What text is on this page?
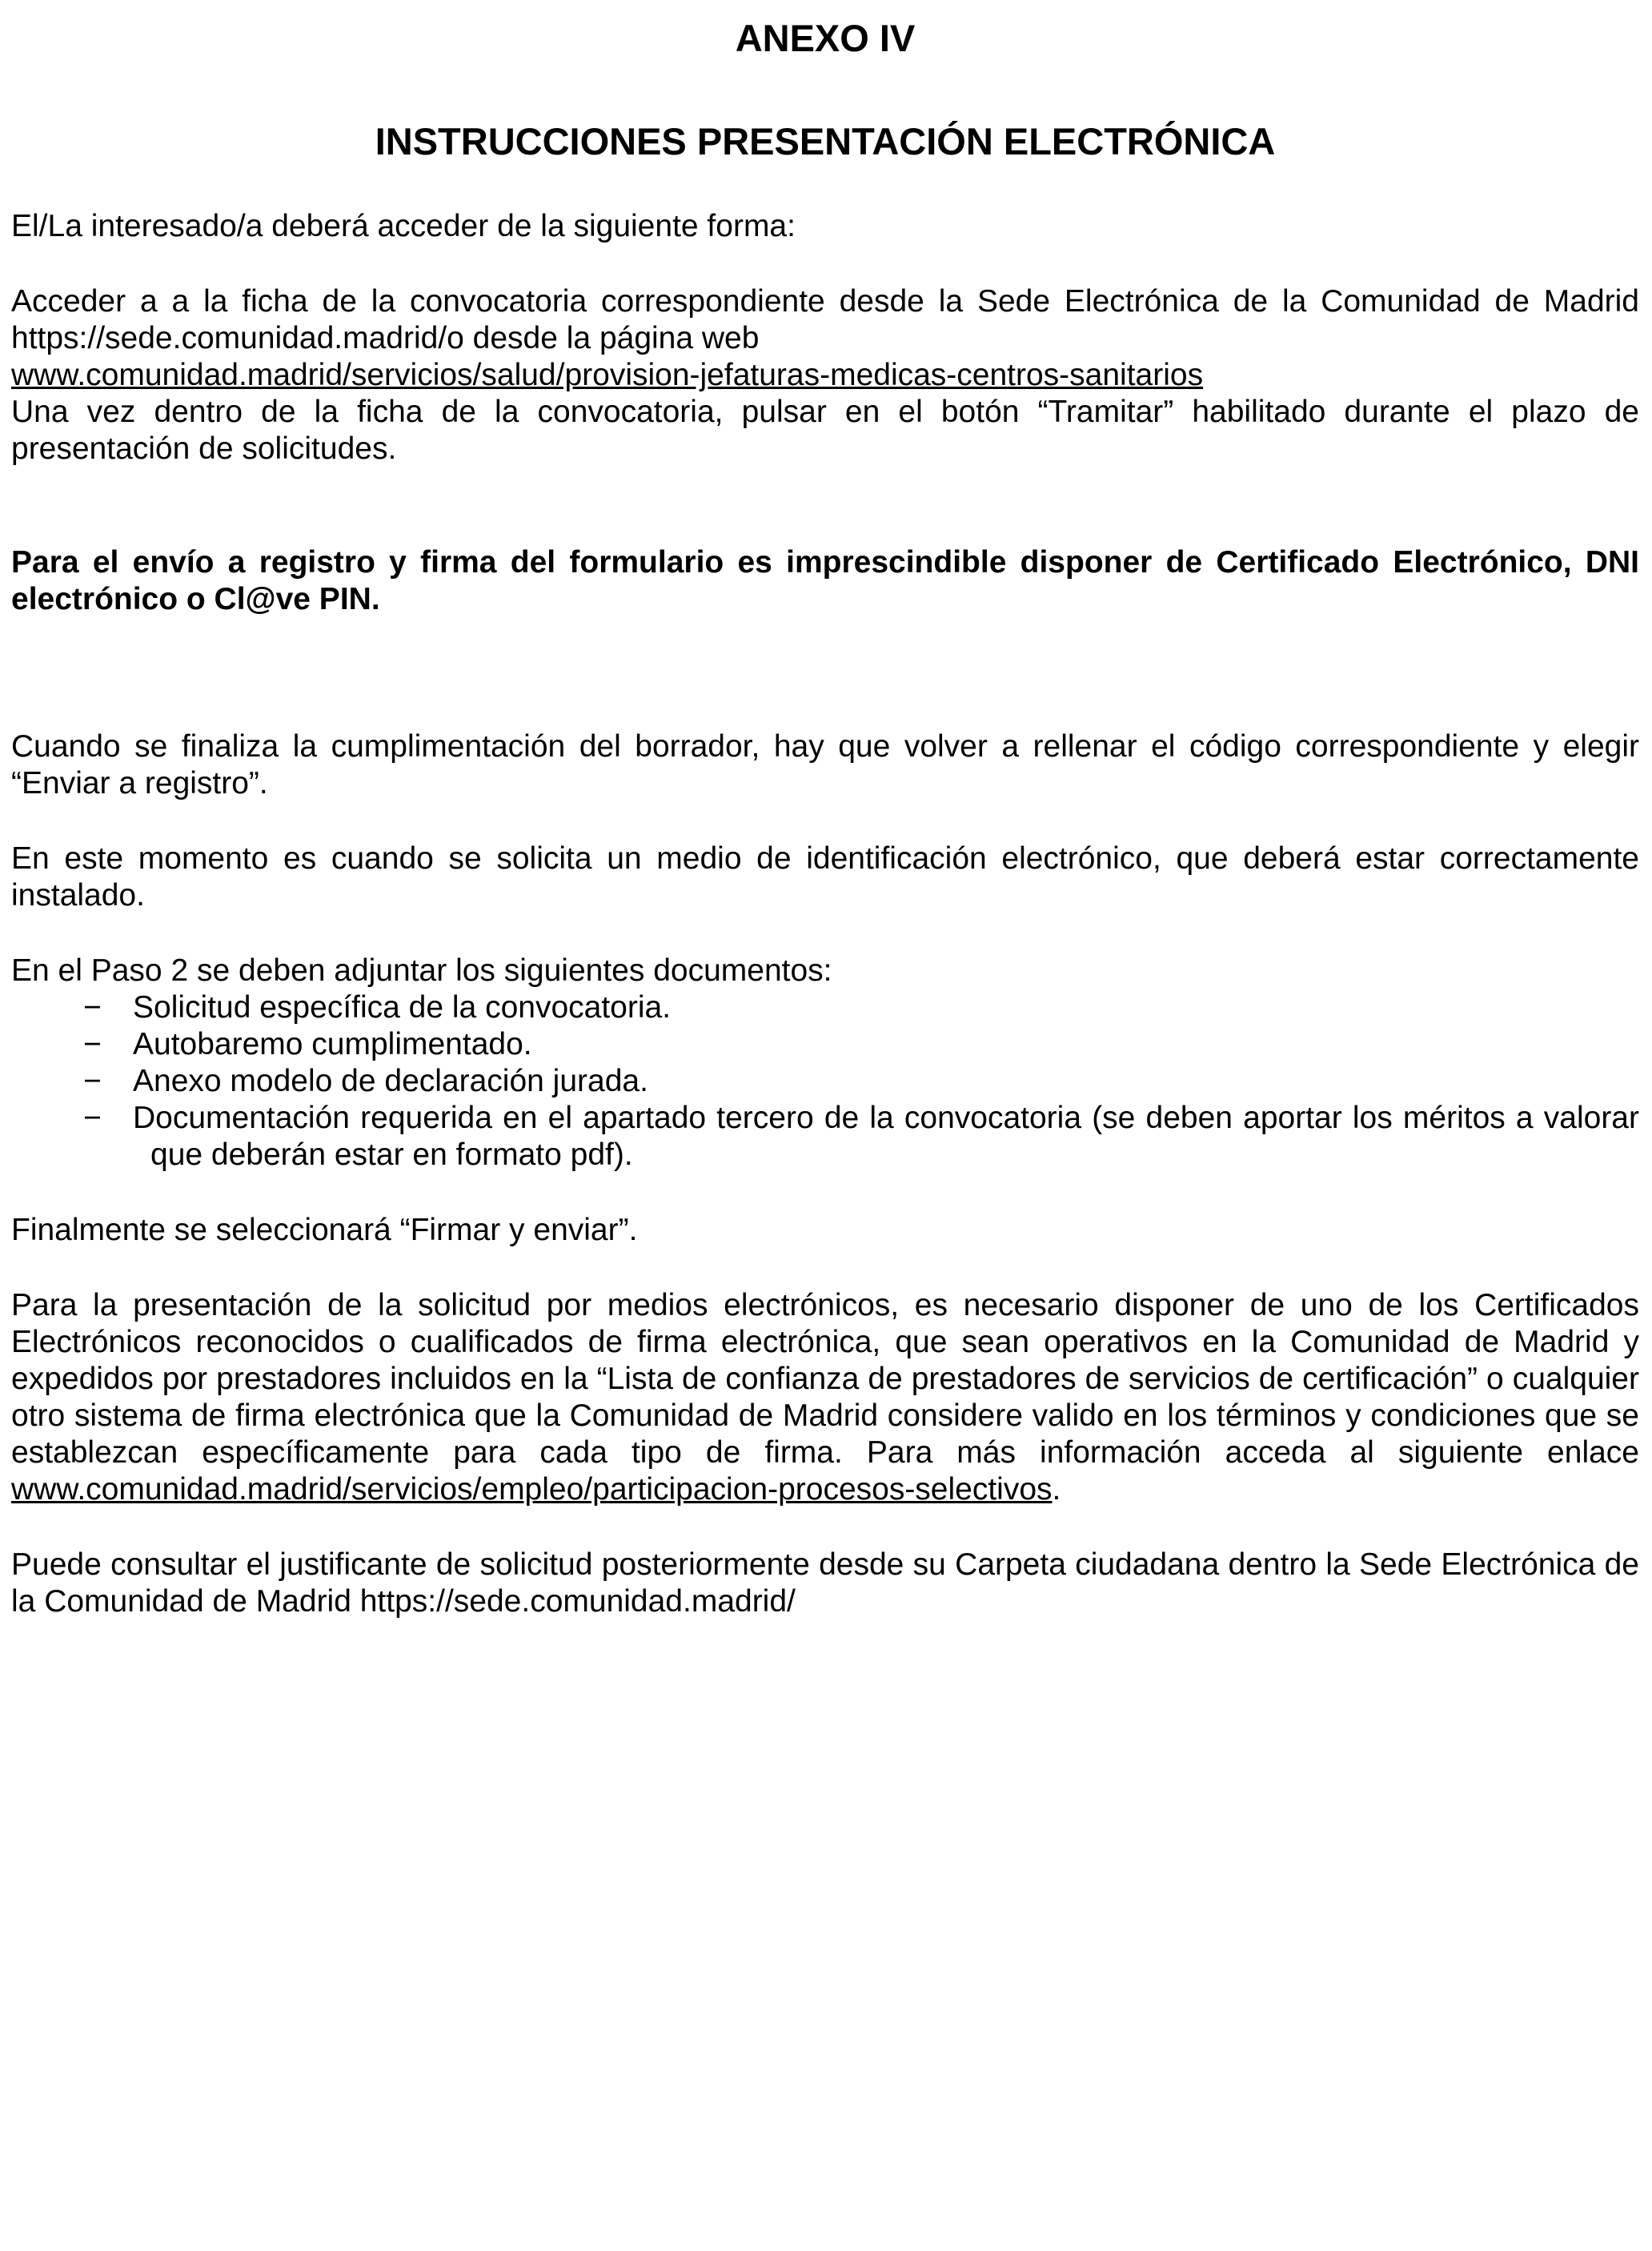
ANEXO IV
INSTRUCCIONES PRESENTACIÓN ELECTRÓNICA

El/La interesado/a deberá acceder de la siguiente forma:

Acceder a a la ficha de la convocatoria correspondiente desde la Sede Electrónica de la Comunidad de Madrid https://sede.comunidad.madrid/o desde la página web
www.comunidad.madrid/servicios/salud/provision-jefaturas-medicas-centros-sanitarios
Una vez dentro de la ficha de la convocatoria, pulsar en el botón “Tramitar” habilitado durante el plazo de presentación de solicitudes.

Para el envío a registro y firma del formulario es imprescindible disponer de Certificado Electrónico, DNI electrónico o Cl@ve PIN.

Cuando se finaliza la cumplimentación del borrador, hay que volver a rellenar el código correspondiente y elegir “Enviar a registro”.

En este momento es cuando se solicita un medio de identificación electrónico, que deberá estar correctamente instalado.

En el Paso 2 se deben adjuntar los siguientes documentos:

−	Solicitud específica de la convocatoria.
−	Autobaremo cumplimentado.
−	Anexo modelo de declaración jurada.
−	Documentación requerida en el apartado tercero de la convocatoria (se deben aportar los méritos a valorar que deberán estar en formato pdf).

Finalmente se seleccionará “Firmar y enviar”.

Para la presentación de la solicitud por medios electrónicos, es necesario disponer de uno de los Certificados Electrónicos reconocidos o cualificados de firma electrónica, que sean operativos en la Comunidad de Madrid y expedidos por prestadores incluidos en la “Lista de confianza de prestadores de servicios de certificación” o cualquier otro sistema de firma electrónica que la Comunidad de Madrid considere valido en los términos y condiciones que se establezcan específicamente para cada tipo de firma. Para más información acceda al siguiente enlace www.comunidad.madrid/servicios/empleo/participacion-procesos-selectivos.

Puede consultar el justificante de solicitud posteriormente desde su Carpeta ciudadana dentro la Sede Electrónica de la Comunidad de Madrid https://sede.comunidad.madrid/
